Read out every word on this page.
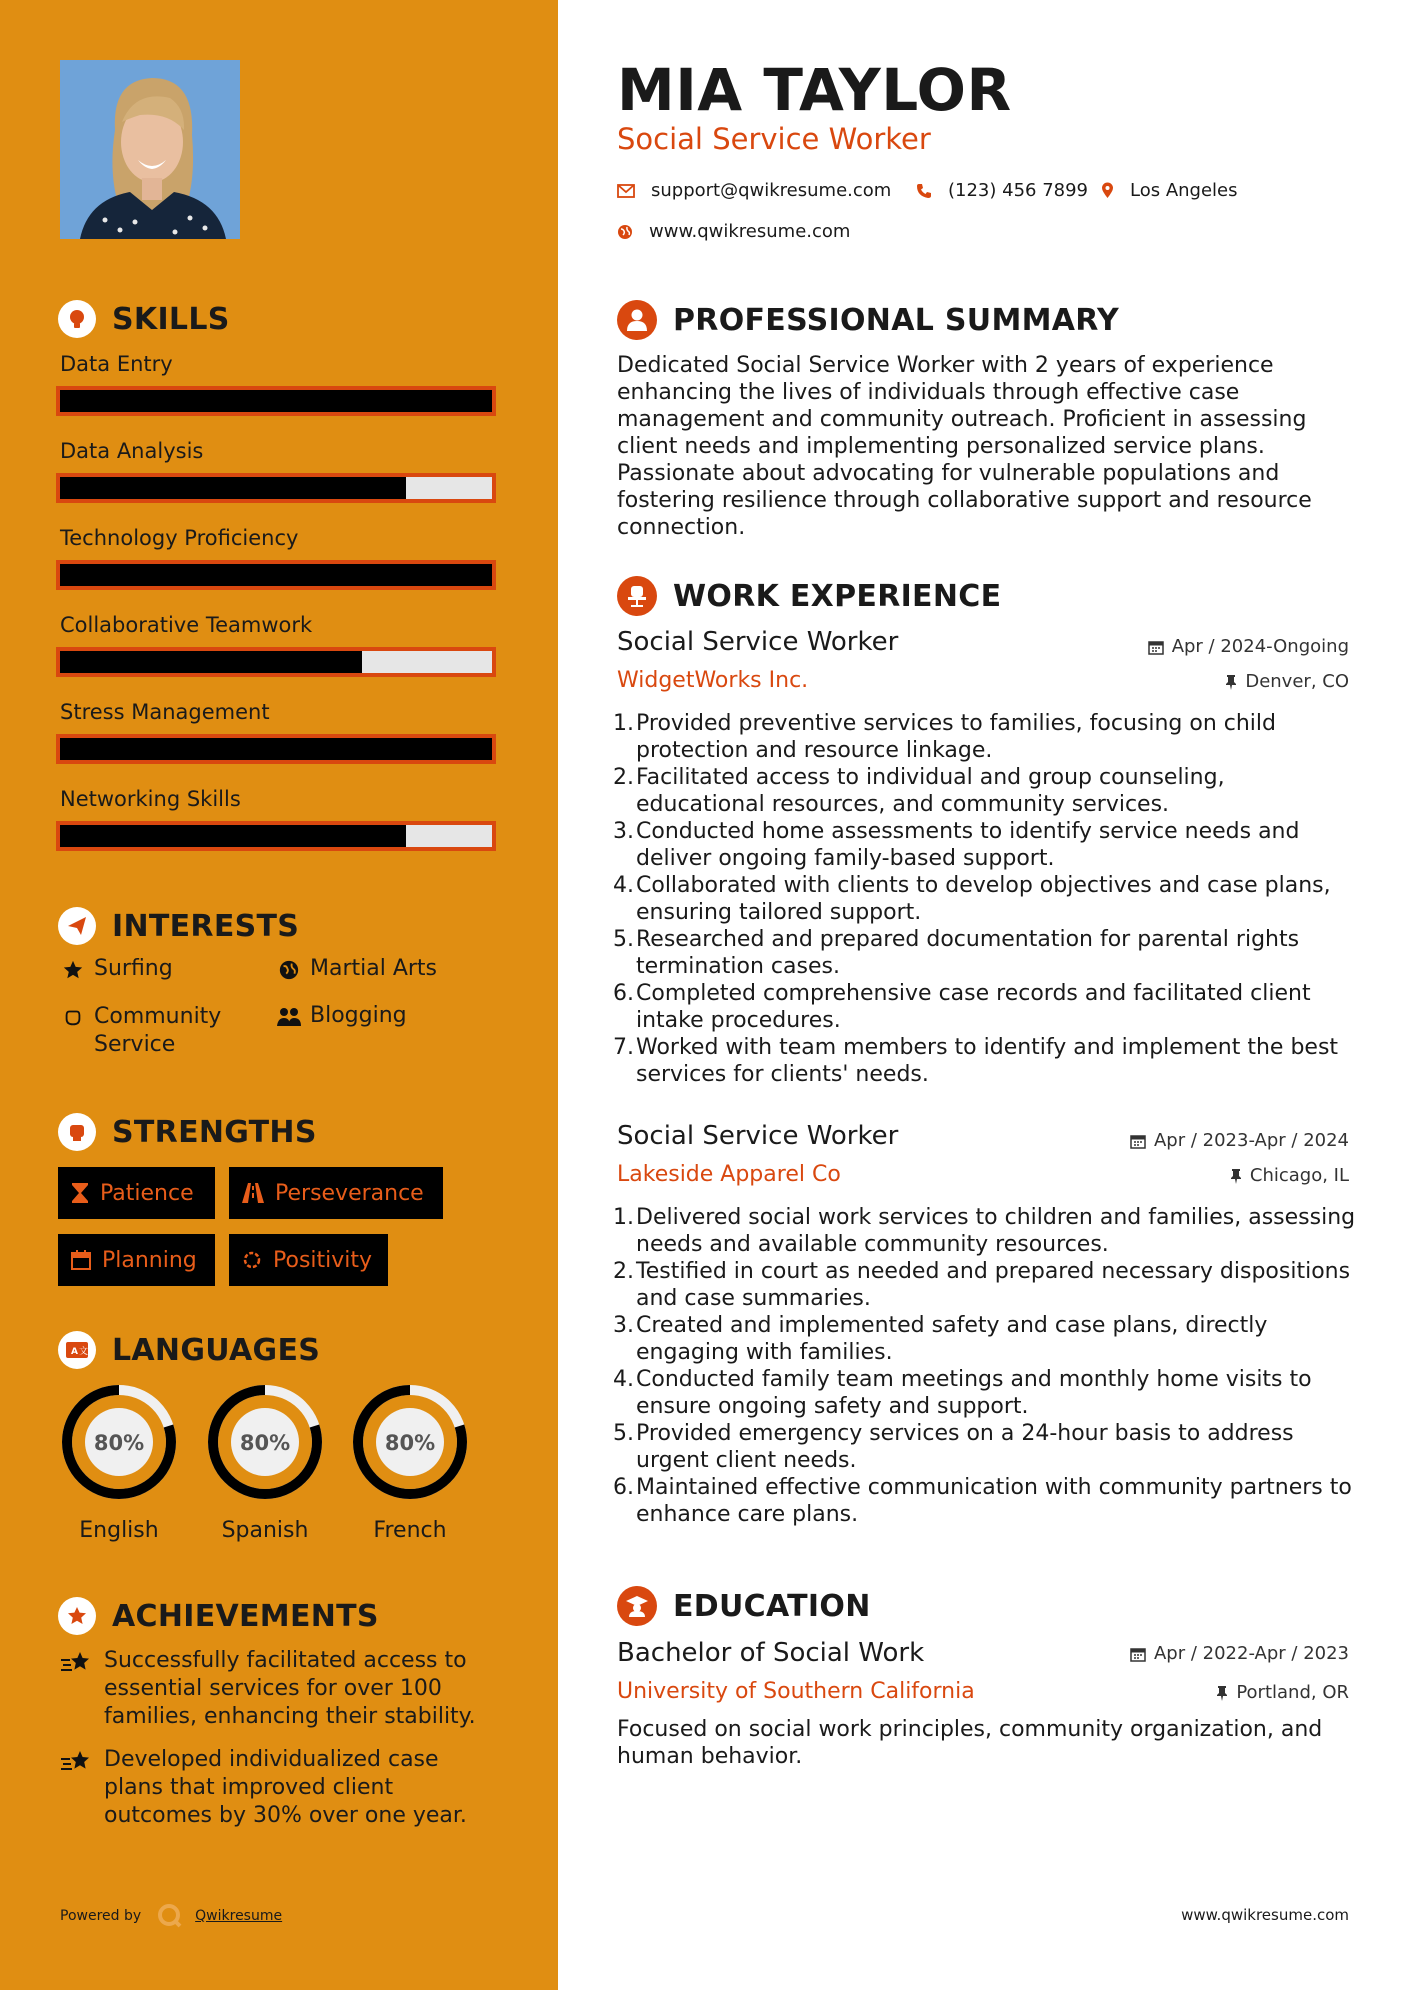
SKILLS
Data Entry
Data Analysis
Technology Proficiency
Collaborative Teamwork
Stress Management
Networking Skills
INTERESTS
Surfing	Martial Arts
Community Service
Blogging
STRENGTHS
Patience	Perseverance
Planning	Positivity
A 文 LANGUAGES
80%
English
80%
Spanish
80%
French
ACHIEVEMENTS
Successfully facilitated access to essential services for over 100 families, enhancing their stability.
Developed individualized case plans that improved client outcomes by 30% over one year.
Powered by	Qwikresume
MIA TAYLOR
Social Service Worker
support@qwikresume.com	(123) 456 7899 Los Angeles
www.qwikresume.com
PROFESSIONAL SUMMARY
Dedicated Social Service Worker with 2 years of experience enhancing the lives of individuals through effective case management and community outreach. Proficient in assessing client needs and implementing personalized service plans. Passionate about advocating for vulnerable populations and fostering resilience through collaborative support and resource connection.
WORK EXPERIENCE
Social Service Worker	Apr / 2024-Ongoing
WidgetWorks Inc.	Denver, CO
1. Provided preventive services to families, focusing on child protection and resource linkage.
2. Facilitated access to individual and group counseling, educational resources, and community services.
3. Conducted home assessments to identify service needs and deliver ongoing family-based support.
4. Collaborated with clients to develop objectives and case plans, ensuring tailored support.
5. Researched and prepared documentation for parental rights termination cases.
6. Completed comprehensive case records and facilitated client intake procedures.
7. Worked with team members to identify and implement the best services for clients' needs.
Social Service Worker	Apr / 2023-Apr / 2024
Lakeside Apparel Co	Chicago, IL
1. Delivered social work services to children and families, assessing needs and available community resources.
2. Testified in court as needed and prepared necessary dispositions and case summaries.
3. Created and implemented safety and case plans, directly engaging with families.
4. Conducted family team meetings and monthly home visits to ensure ongoing safety and support.
5. Provided emergency services on a 24-hour basis to address urgent client needs.
6. Maintained effective communication with community partners to enhance care plans.
EDUCATION
Bachelor of Social Work	Apr / 2022-Apr / 2023
University of Southern California	Portland, OR
Focused on social work principles, community organization, and human behavior.
www.qwikresume.com
